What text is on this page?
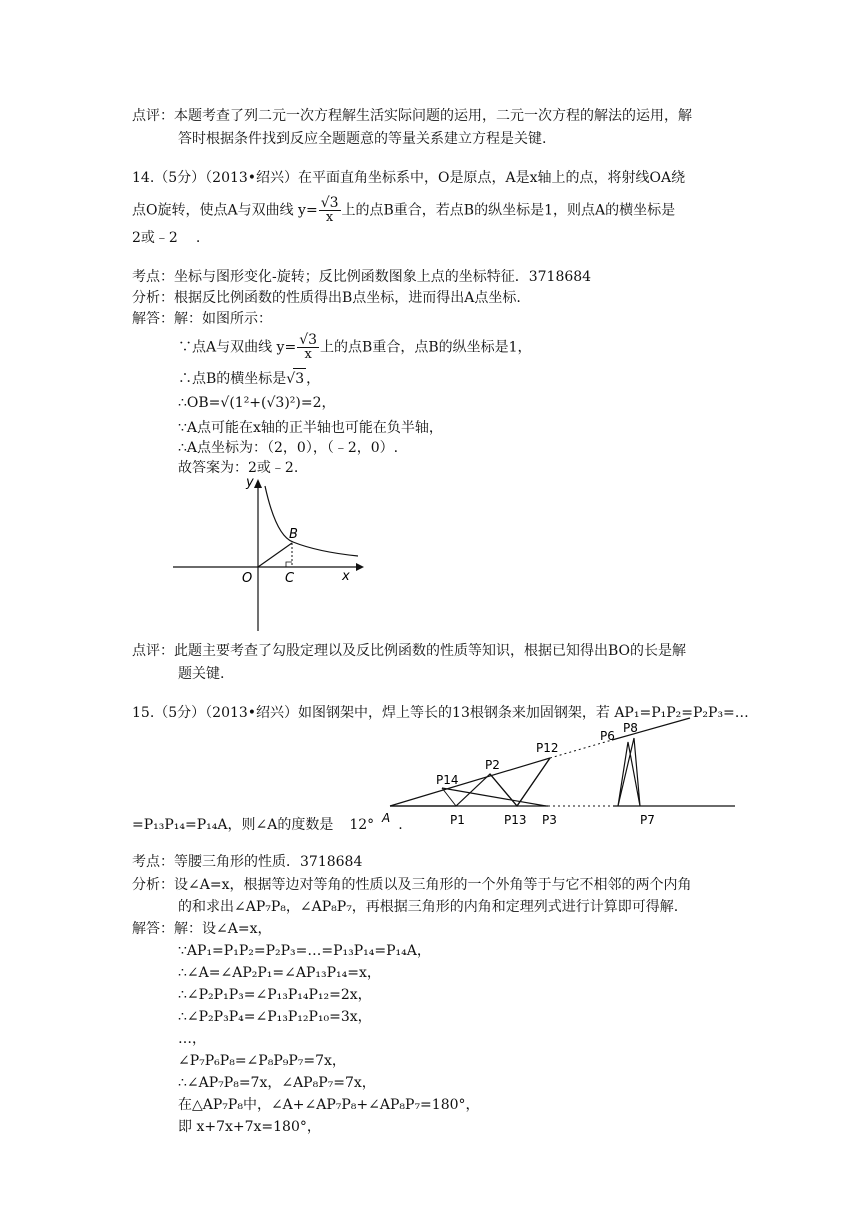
点评：本题考查了列二元一次方程解生活实际问题的运用，二元一次方程的解法的运用，解
答时根据条件找到反应全题题意的等量关系建立方程是关键.
14.（5分）（2013•绍兴）在平面直角坐标系中，O是原点，A是x轴上的点，将射线OA绕
点O旋转，使点A与双曲线 $y= \frac{√3}{x}$ 上的点B重合，若点B的纵坐标是1，则点A的横坐标是
2或﹣2 .
考点：坐标与图形变化-旋转；反比例函数图象上点的坐标特征．3718684
分析：根据反比例函数的性质得出B点坐标，进而得出A点坐标.
解答：解：如图所示：
∵点A与双曲线 $y= \frac{√3}{x}$ 上的点B重合，点B的纵坐标是1，
∴点B的横坐标是√3 ，
∴OB=√(1²+(√3)²)=2，
∵A点可能在x轴的正半轴也可能在负半轴，
∴A点坐标为：（2，0），（﹣2，0）.
故答案为：2或﹣2.
y
x
O
B
C
点评：此题主要考查了勾股定理以及反比例函数的性质等知识，根据已知得出BO的长是解
题关键.
15.（5分）（2013•绍兴）如图钢架中，焊上等长的13根钢条来加固钢架，若 AP₁=P₁P₂=P₂P₃=…
=P₁₃P₁₄=P₁₄A，则∠A的度数是 12° .
A	P1
P2
P3
P6
P7
P8
P12
P13
P14
考点：等腰三角形的性质．3718684
分析：设∠A=x，根据等边对等角的性质以及三角形的一个外角等于与它不相邻的两个内角
的和求出∠AP₇P₈，∠AP₈P₇，再根据三角形的内角和定理列式进行计算即可得解.
解答：解：设∠A=x，
∵AP₁=P₁P₂=P₂P₃=…=P₁₃P₁₄=P₁₄A，
∴∠A=∠AP₂P₁=∠AP₁₃P₁₄=x，
∴∠P₂P₁P₃=∠P₁₃P₁₄P₁₂=2x，
∴∠P₂P₃P₄=∠P₁₃P₁₂P₁₀=3x，
…，
∠P₇P₆P₈=∠P₈P₉P₇=7x，
∴∠AP₇P₈=7x，∠AP₈P₇=7x，
在△AP₇P₈中，∠A+∠AP₇P₈+∠AP₈P₇=180°，
即 x+7x+7x=180°，
